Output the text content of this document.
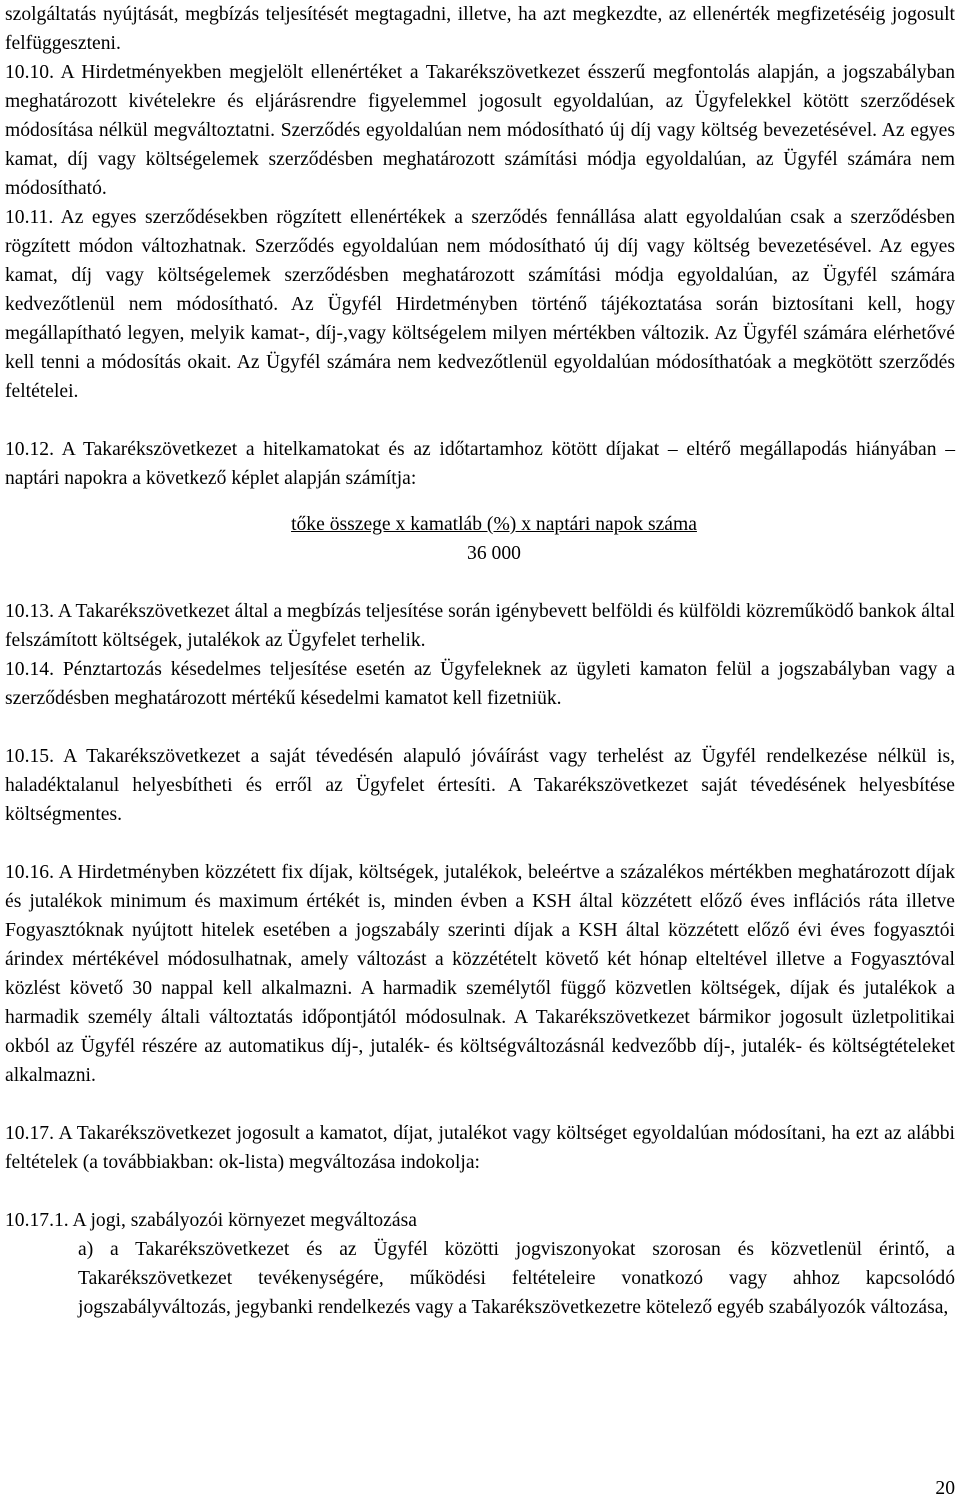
szolgáltatás nyújtását, megbízás teljesítését megtagadni, illetve, ha azt megkezdte, az ellenérték megfizetéséig jogosult felfüggeszteni.

10.10. A Hirdetményekben megjelölt ellenértéket a Takarékszövetkezet ésszerű megfontolás alapján, a jogszabályban meghatározott kivételekre és eljárásrendre figyelemmel jogosult egyoldalúan, az Ügyfelekkel kötött szerződések módosítása nélkül megváltoztatni. Szerződés egyoldalúan nem módosítható új díj vagy költség bevezetésével. Az egyes kamat, díj vagy költségelemek szerződésben meghatározott számítási módja egyoldalúan, az Ügyfél számára nem módosítható.

10.11. Az egyes szerződésekben rögzített ellenértékek a szerződés fennállása alatt egyoldalúan csak a szerződésben rögzített módon változhatnak. Szerződés egyoldalúan nem módosítható új díj vagy költség bevezetésével. Az egyes kamat, díj vagy költségelemek szerződésben meghatározott számítási módja egyoldalúan, az Ügyfél számára kedvezőtlenül nem módosítható. Az Ügyfél Hirdetményben történő tájékoztatása során biztosítani kell, hogy megállapítható legyen, melyik kamat-, díj-,vagy költségelem milyen mértékben változik. Az Ügyfél számára elérhetővé kell tenni a módosítás okait. Az Ügyfél számára nem kedvezőtlenül egyoldalúan módosíthatóak a megkötött szerződés feltételei.

10.12. A Takarékszövetkezet a hitelkamatokat és az időtartamhoz kötött díjakat – eltérő megállapodás hiányában – naptári napokra a következő képlet alapján számítja:

tőke összege x kamatláb (%) x naptári napok száma
36 000

10.13. A Takarékszövetkezet által a megbízás teljesítése során igénybevett belföldi és külföldi közreműködő bankok által felszámított költségek, jutalékok az Ügyfelet terhelik.

10.14. Pénztartozás késedelmes teljesítése esetén az Ügyfeleknek az ügyleti kamaton felül a jogszabályban vagy a szerződésben meghatározott mértékű késedelmi kamatot kell fizetniük.

10.15. A Takarékszövetkezet a saját tévedésén alapuló jóváírást vagy terhelést az Ügyfél rendelkezése nélkül is, haladéktalanul helyesbítheti és erről az Ügyfelet értesíti. A Takarékszövetkezet saját tévedésének helyesbítése költségmentes.

10.16. A Hirdetményben közzétett fix díjak, költségek, jutalékok, beleértve a százalékos mértékben meghatározott díjak és jutalékok minimum és maximum értékét is, minden évben a KSH által közzétett előző éves inflációs ráta illetve Fogyasztóknak nyújtott hitelek esetében a jogszabály szerinti díjak a KSH által közzétett előző évi éves fogyasztói árindex mértékével módosulhatnak, amely változást a közzétételt követő két hónap elteltével illetve a Fogyasztóval közlést követő 30 nappal kell alkalmazni. A harmadik személytől függő közvetlen költségek, díjak és jutalékok a harmadik személy általi változtatás időpontjától módosulnak. A Takarékszövetkezet bármikor jogosult üzletpolitikai okból az Ügyfél részére az automatikus díj-, jutalék- és költségváltozásnál kedvezőbb díj-, jutalék- és költségtételeket alkalmazni.

10.17. A Takarékszövetkezet jogosult a kamatot, díjat, jutalékot vagy költséget egyoldalúan módosítani, ha ezt az alábbi feltételek (a továbbiakban: ok-lista) megváltozása indokolja:

10.17.1. A jogi, szabályozói környezet megváltozása

a) a Takarékszövetkezet és az Ügyfél közötti jogviszonyokat szorosan és közvetlenül érintő, a Takarékszövetkezet tevékenységére, működési feltételeire vonatkozó vagy ahhoz kapcsolódó jogszabályváltozás, jegybanki rendelkezés vagy a Takarékszövetkezetre kötelező egyéb szabályozók változása,

20
